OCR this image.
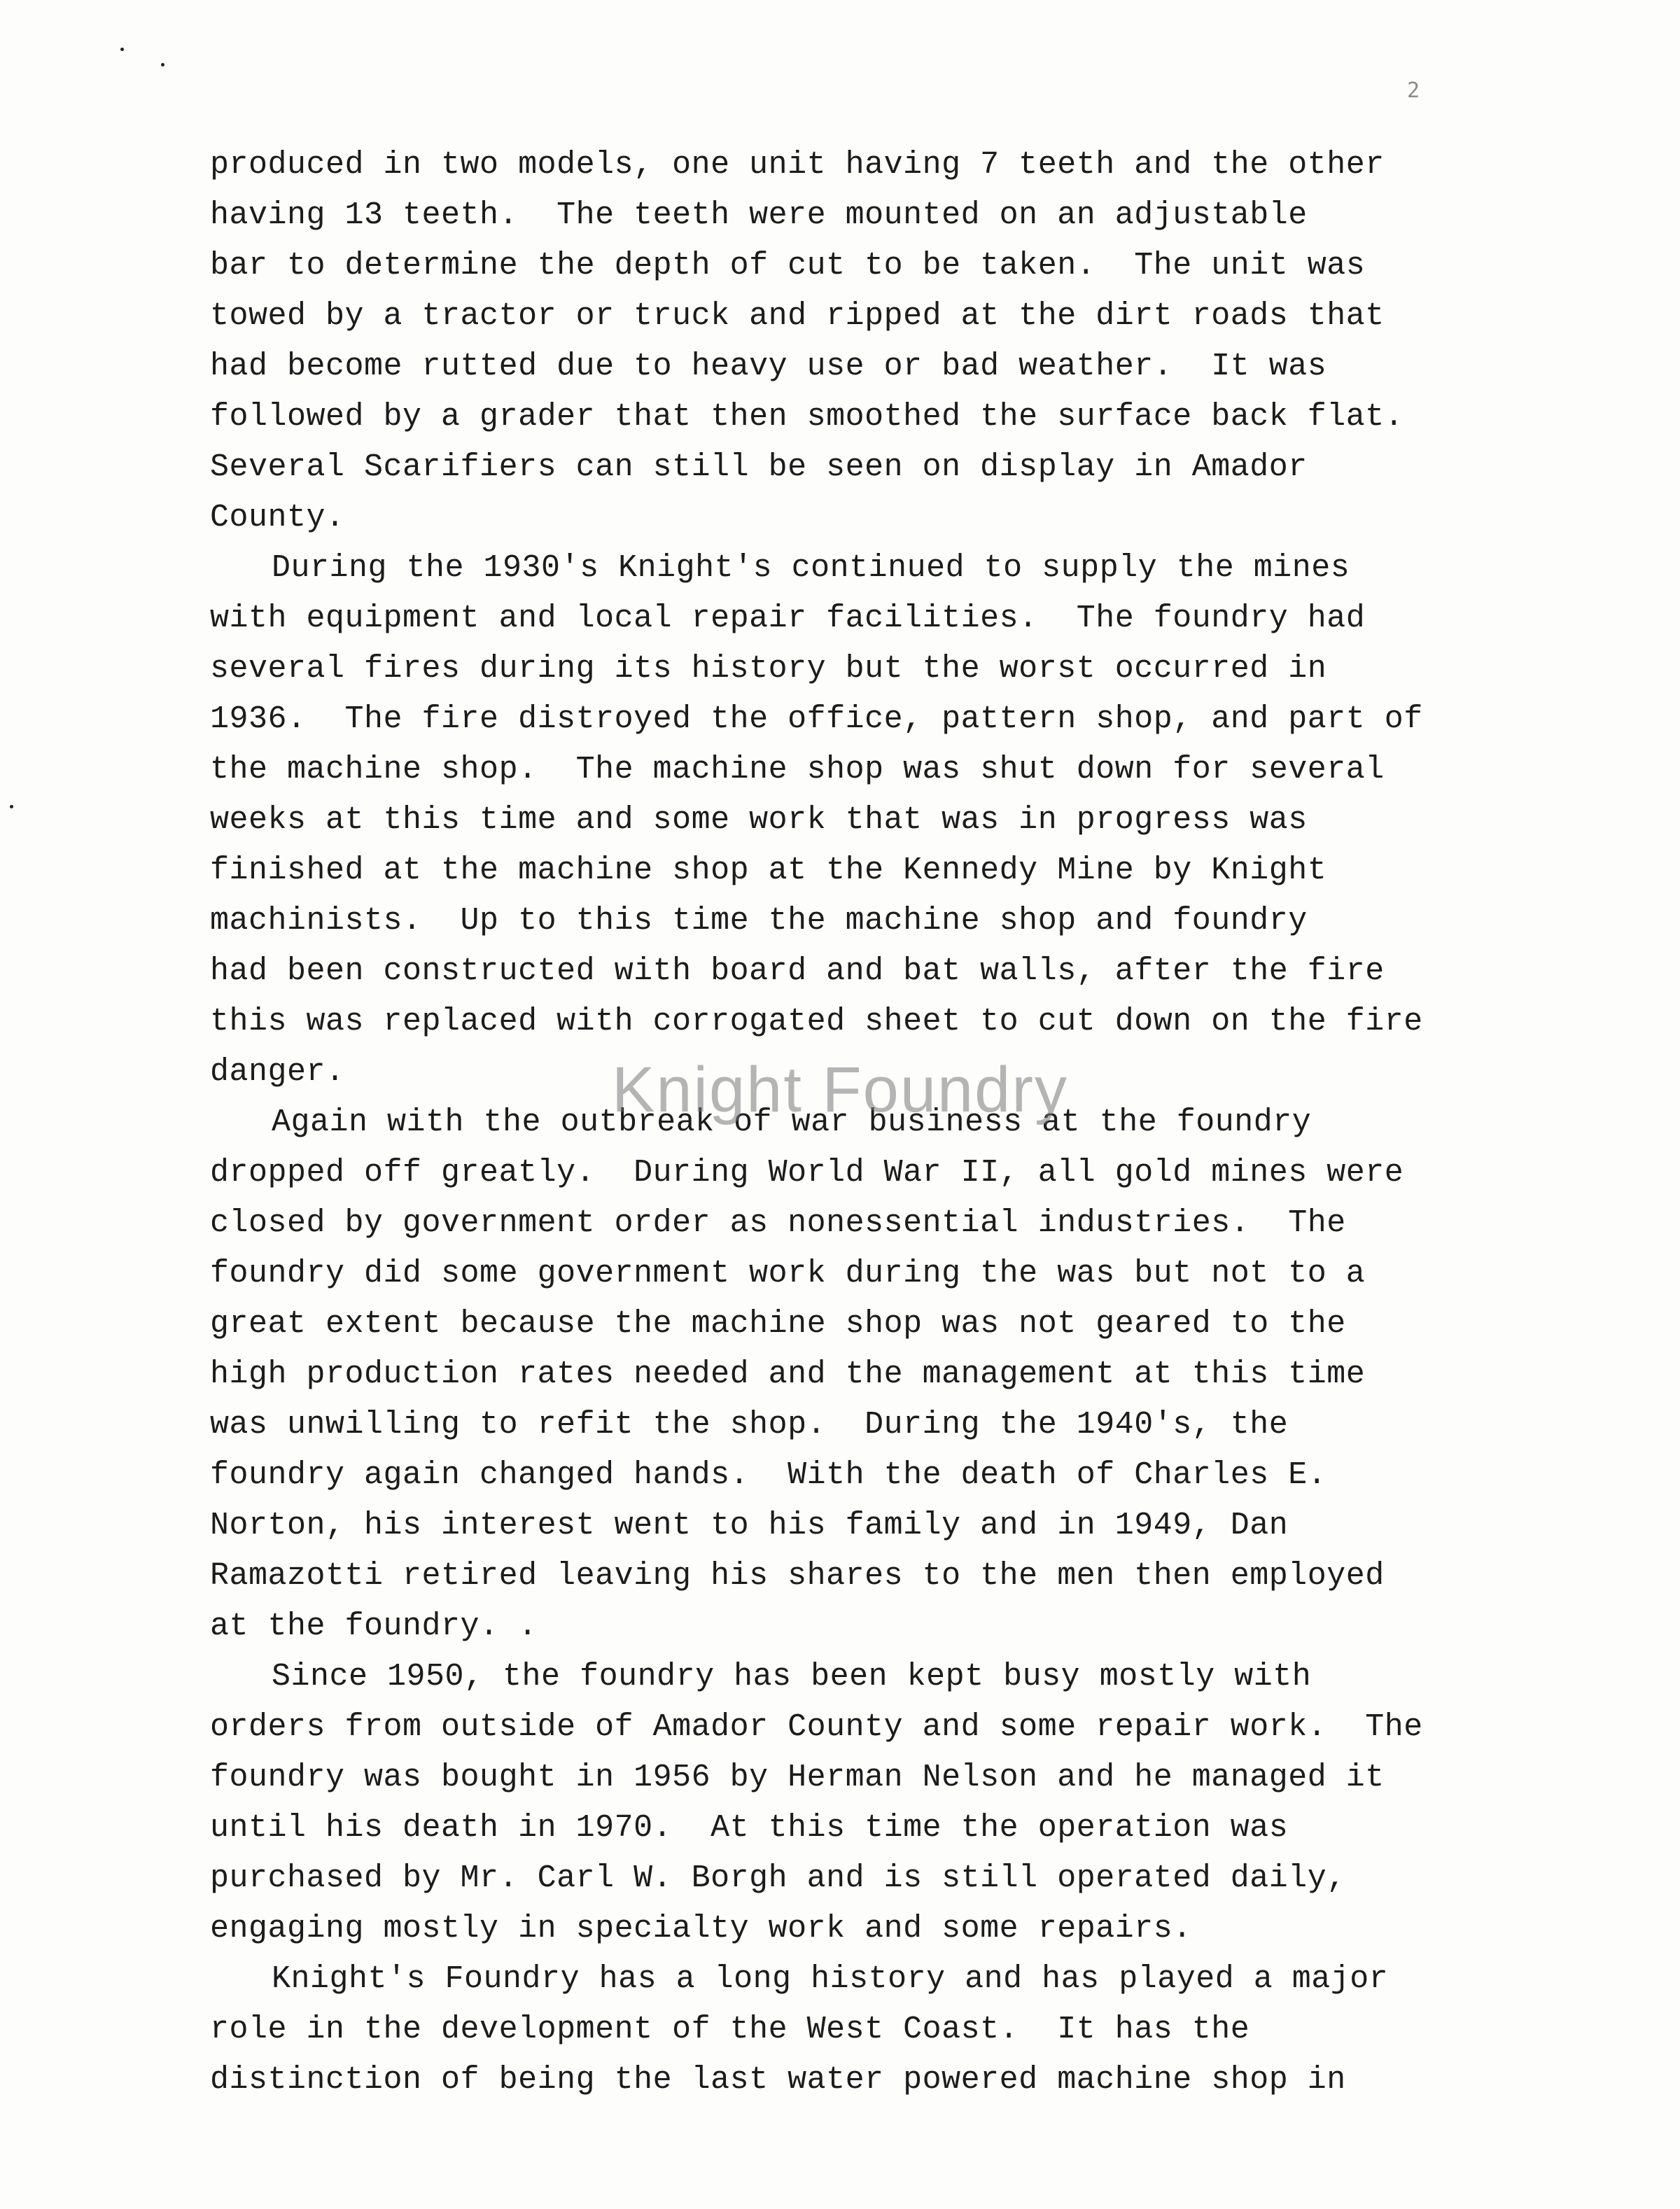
2
produced in two models, one unit having 7 teeth and the other
having 13 teeth.  The teeth were mounted on an adjustable
bar to determine the depth of cut to be taken.  The unit was
towed by a tractor or truck and ripped at the dirt roads that
had become rutted due to heavy use or bad weather.  It was
followed by a grader that then smoothed the surface back flat.
Several Scarifiers can still be seen on display in Amador
County.
During the 1930's Knight's continued to supply the mines
with equipment and local repair facilities.  The foundry had
several fires during its history but the worst occurred in
1936.  The fire distroyed the office, pattern shop, and part of
the machine shop.  The machine shop was shut down for several
weeks at this time and some work that was in progress was
finished at the machine shop at the Kennedy Mine by Knight
machinists.  Up to this time the machine shop and foundry
had been constructed with board and bat walls, after the fire
this was replaced with corrogated sheet to cut down on the fire
danger.
Again with the outbreak of war business at the foundry
dropped off greatly.  During World War II, all gold mines were
closed by government order as nonessential industries.  The
foundry did some government work during the was but not to a
great extent because the machine shop was not geared to the
high production rates needed and the management at this time
was unwilling to refit the shop.  During the 1940's, the
foundry again changed hands.  With the death of Charles E.
Norton, his interest went to his family and in 1949, Dan
Ramazotti retired leaving his shares to the men then employed
at the foundry. .
Since 1950, the foundry has been kept busy mostly with
orders from outside of Amador County and some repair work.  The
foundry was bought in 1956 by Herman Nelson and he managed it
until his death in 1970.  At this time the operation was
purchased by Mr. Carl W. Borgh and is still operated daily,
engaging mostly in specialty work and some repairs.
Knight's Foundry has a long history and has played a major
role in the development of the West Coast.  It has the
distinction of being the last water powered machine shop in
Knight Foundry
